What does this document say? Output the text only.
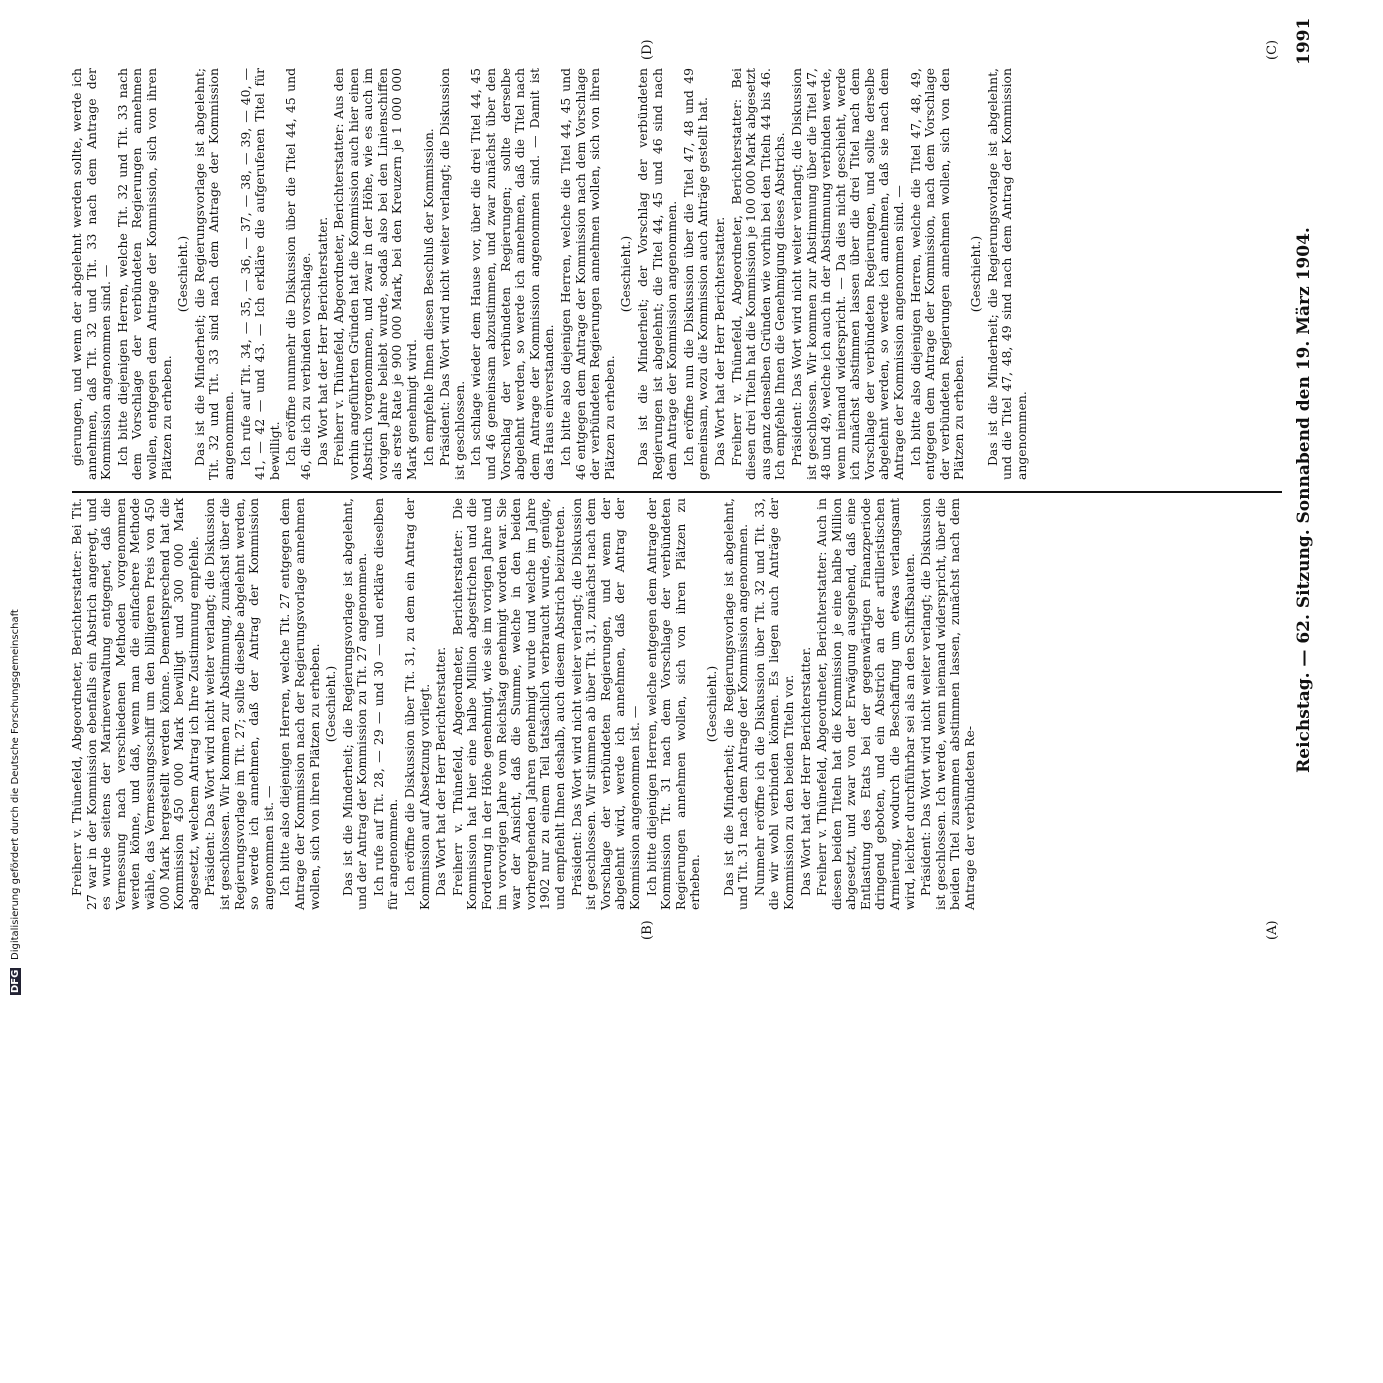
Reichstag. — 62. Sitzung. Sonnabend den 19. März 1904.
1991
(A)
(B)
(C)
(D)

Freiherr v. Thünefeld, Abgeordneter, Berichterstatter: Bei Tit. 27 war in der Kommission ebenfalls ein Abstrich angeregt, und es wurde seitens der Marineverwaltung entgegnet, daß die Vermessung nach verschiedenen Methoden vorgenommen werden könne, und daß, wenn man die einfachere Methode wähle, das Vermessungsschiff um den billigeren Preis von 450 000 Mark hergestellt werden könne. Dementsprechend hat die Kommission 450 000 Mark bewilligt und 300 000 Mark abgesetzt, welchem Antrag ich Ihre Zustimmung empfehle. Präsident: Das Wort wird nicht weiter verlangt; die Diskussion ist geschlossen. Wir kommen zur Abstimmung, zunächst über die Regierungsvorlage im Tit. 27; sollte dieselbe abgelehnt werden, so werde ich annehmen, daß der Antrag der Kommission angenommen ist. — Ich bitte also diejenigen Herren, welche Tit. 27 entgegen dem Antrage der Kommission nach der Regierungsvorlage annehmen wollen, sich von ihren Plätzen zu erheben. (Geschieht.) Das ist die Minderheit; die Regierungsvorlage ist abgelehnt, und der Antrag der Kommission zu Tit. 27 angenommen. Ich rufe auf Tit. 28, — 29 — und 30 — und erkläre dieselben für angenommen. Ich eröffne die Diskussion über Tit. 31, zu dem ein Antrag der Kommission auf Absetzung vorliegt. Das Wort hat der Herr Berichterstatter. Freiherr v. Thünefeld, Abgeordneter, Berichterstatter: Die Kommission hat hier eine halbe Million abgestrichen und die Forderung in der Höhe genehmigt, wie sie im vorigen Jahre und im vorvorigen Jahre vom Reichstag genehmigt worden war. Sie war der Ansicht, daß die Summe, welche in den beiden vorhergehenden Jahren genehmigt wurde und welche im Jahre 1902 nur zu einem Teil tatsächlich verbraucht wurde, genüge, und empfiehlt Ihnen deshalb, auch diesem Abstrich beizutreten. Präsident: Das Wort wird nicht weiter verlangt; die Diskussion ist geschlossen. Wir stimmen ab über Tit. 31, zunächst nach dem Vorschlage der verbündeten Regierungen, und wenn der abgelehnt wird, werde ich annehmen, daß der Antrag der Kommission angenommen ist. — Ich bitte diejenigen Herren, welche entgegen dem Antrage der Kommission Tit. 31 nach dem Vorschlage der verbündeten Regierungen annehmen wollen, sich von ihren Plätzen zu erheben.

(Geschieht.) Das ist die Minderheit; die Regierungsvorlage ist abgelehnt, und Tit. 31 nach dem Antrage der Kommission angenommen. Nunmehr eröffne ich die Diskussion über Tit. 32 und Tit. 33, die wir wohl verbinden können. Es liegen auch Anträge der Kommission zu den beiden Titeln vor. Das Wort hat der Herr Berichterstatter. Freiherr v. Thünefeld, Abgeordneter, Berichterstatter: Auch in diesen beiden Titeln hat die Kommission je eine halbe Million abgesetzt, und zwar von der Erwägung ausgehend, daß eine Entlastung des Etats bei der gegenwärtigen Finanzperiode dringend geboten, und ein Abstrich an der artilleristischen Armierung, wodurch die Beschaffung um etwas verlangsamt wird, leichter durchführbar sei als an den Schiffsbauten. Präsident: Das Wort wird nicht weiter verlangt; die Diskussion ist geschlossen. Ich werde, wenn niemand widerspricht, über die beiden Titel zusammen abstimmen lassen, zunächst nach dem Antrage der verbündeten Re-

gierungen, und wenn der abgelehnt werden sollte, werde ich annehmen, daß Tit. 32 und Tit. 33 nach dem Antrage der Kommission angenommen sind. — Ich bitte diejenigen Herren, welche Tit. 32 und Tit. 33 nach dem Vorschlage der verbündeten Regierungen annehmen wollen, entgegen dem Antrage der Kommission, sich von ihren Plätzen zu erheben.

(Geschieht.) Das ist die Minderheit; die Regierungsvorlage ist abgelehnt; Tit. 32 und Tit. 33 sind nach dem Antrage der Kommission angenommen. Ich rufe auf Tit. 34, — 35, — 36, — 37, — 38, — 39, — 40, — 41, — 42 — und 43. — Ich erkläre die aufgerufenen Titel für bewilligt. Ich eröffne nunmehr die Diskussion über die Titel 44, 45 und 46, die ich zu verbinden vorschlage. Das Wort hat der Herr Berichterstatter. Freiherr v. Thünefeld, Abgeordneter, Berichterstatter: Aus den vorhin angeführten Gründen hat die Kommission auch hier einen Abstrich vorgenommen, und zwar in der Höhe, wie es auch im vorigen Jahre beliebt wurde, sodaß also bei den Linienschiffen als erste Rate je 900 000 Mark, bei den Kreuzern je 1 000 000 Mark genehmigt wird. Ich empfehle Ihnen diesen Beschluß der Kommission. Präsident: Das Wort wird nicht weiter verlangt; die Diskussion ist geschlossen. Ich schlage wieder dem Hause vor, über die drei Titel 44, 45 und 46 gemeinsam abzustimmen, und zwar zunächst über den Vorschlag der verbündeten Regierungen; sollte derselbe abgelehnt werden, so werde ich annehmen, daß die Titel nach dem Antrage der Kommission angenommen sind. — Damit ist das Haus einverstanden. Ich bitte also diejenigen Herren, welche die Titel 44, 45 und 46 entgegen dem Antrage der Kommission nach dem Vorschlage der verbündeten Regierungen annehmen wollen, sich von ihren Plätzen zu erheben.

(Geschieht.) Das ist die Minderheit; der Vorschlag der verbündeten Regierungen ist abgelehnt; die Titel 44, 45 und 46 sind nach dem Antrage der Kommission angenommen. Ich eröffne nun die Diskussion über die Titel 47, 48 und 49 gemeinsam, wozu die Kommission auch Anträge gestellt hat. Das Wort hat der Herr Berichterstatter. Freiherr v. Thünefeld, Abgeordneter, Berichterstatter: Bei diesen drei Titeln hat die Kommission je 100 000 Mark abgesetzt aus ganz denselben Gründen wie vorhin bei den Titeln 44 bis 46. Ich empfehle Ihnen die Genehmigung dieses Abstrichs. Präsident: Das Wort wird nicht weiter verlangt; die Diskussion ist geschlossen. Wir kommen zur Abstimmung über die Titel 47, 48 und 49, welche ich auch in der Abstimmung verbinden werde, wenn niemand widerspricht. — Da dies nicht geschieht, werde ich zunächst abstimmen lassen über die drei Titel nach dem Vorschlage der verbündeten Regierungen, und sollte derselbe abgelehnt werden, so werde ich annehmen, daß sie nach dem Antrage der Kommission angenommen sind. — Ich bitte also diejenigen Herren, welche die Titel 47, 48, 49, entgegen dem Antrage der Kommission, nach dem Vorschlage der verbündeten Regierungen annehmen wollen, sich von den Plätzen zu erheben.

(Geschieht.) Das ist die Minderheit; die Regierungsvorlage ist abgelehnt, und die Titel 47, 48, 49 sind nach dem Antrag der Kommission angenommen.

DFG
Digitalisierung gefördert durch die Deutsche Forschungsgemeinschaft
